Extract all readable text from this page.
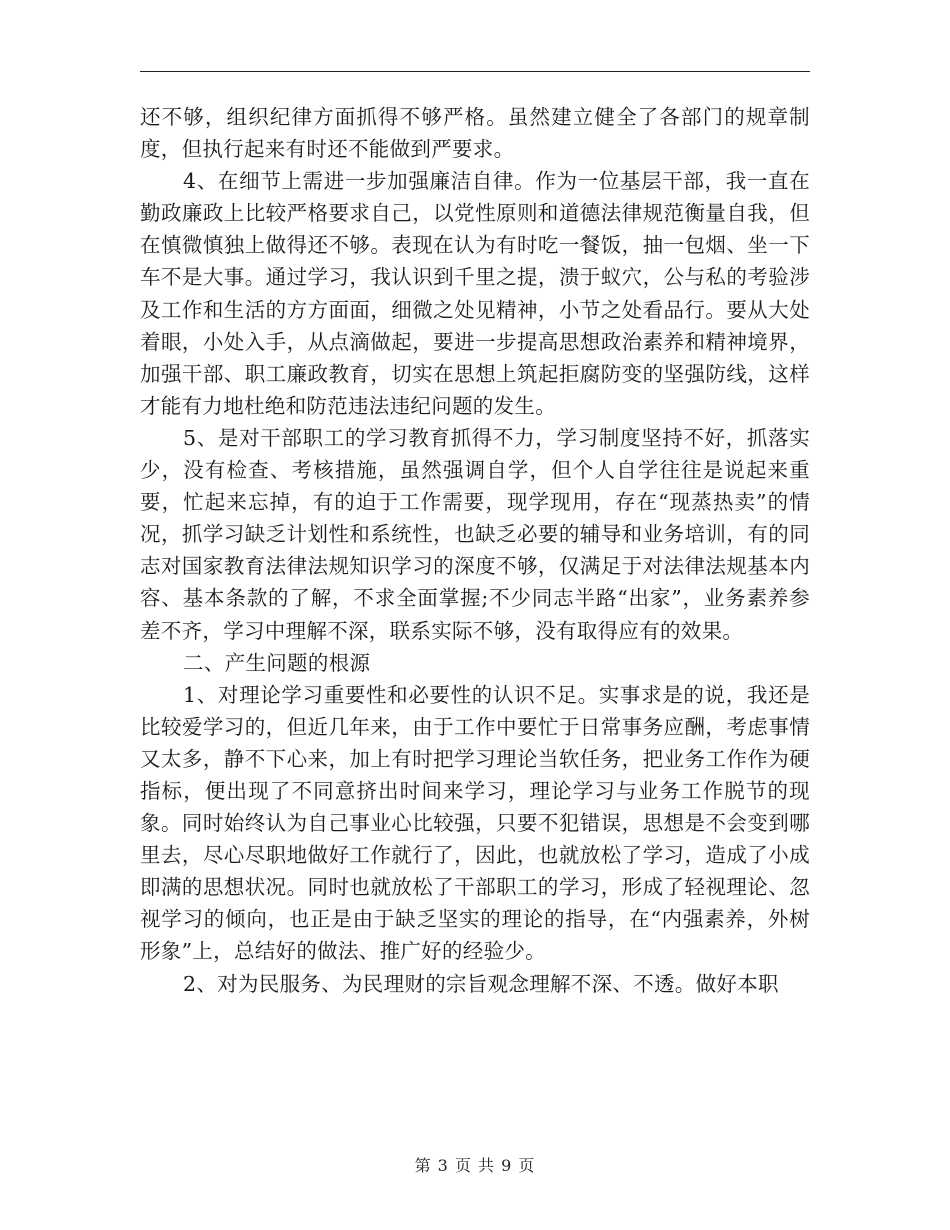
还不够，组织纪律方面抓得不够严格。虽然建立健全了各部门的规章制度，但执行起来有时还不能做到严要求。

4、在细节上需进一步加强廉洁自律。作为一位基层干部，我一直在勤政廉政上比较严格要求自己，以党性原则和道德法律规范衡量自我，但在慎微慎独上做得还不够。表现在认为有时吃一餐饭，抽一包烟、坐一下车不是大事。通过学习，我认识到千里之提，溃于蚁穴，公与私的考验涉及工作和生活的方方面面，细微之处见精神，小节之处看品行。要从大处着眼，小处入手，从点滴做起，要进一步提高思想政治素养和精神境界，加强干部、职工廉政教育，切实在思想上筑起拒腐防变的坚强防线，这样才能有力地杜绝和防范违法违纪问题的发生。

5、是对干部职工的学习教育抓得不力，学习制度坚持不好，抓落实少，没有检查、考核措施，虽然强调自学，但个人自学往往是说起来重要，忙起来忘掉，有的迫于工作需要，现学现用，存在“现蒸热卖”的情况，抓学习缺乏计划性和系统性，也缺乏必要的辅导和业务培训，有的同志对国家教育法律法规知识学习的深度不够，仅满足于对法律法规基本内容、基本条款的了解，不求全面掌握;不少同志半路“出家”，业务素养参差不齐，学习中理解不深，联系实际不够，没有取得应有的效果。

二、产生问题的根源

1、对理论学习重要性和必要性的认识不足。实事求是的说，我还是比较爱学习的，但近几年来，由于工作中要忙于日常事务应酬，考虑事情又太多，静不下心来，加上有时把学习理论当软任务，把业务工作作为硬指标，便出现了不同意挤出时间来学习，理论学习与业务工作脱节的现象。同时始终认为自己事业心比较强，只要不犯错误，思想是不会变到哪里去，尽心尽职地做好工作就行了，因此，也就放松了学习，造成了小成即满的思想状况。同时也就放松了干部职工的学习，形成了轻视理论、忽视学习的倾向，也正是由于缺乏坚实的理论的指导，在“内强素养，外树形象”上，总结好的做法、推广好的经验少。

2、对为民服务、为民理财的宗旨观念理解不深、不透。做好本职

第 3 页 共 9 页
